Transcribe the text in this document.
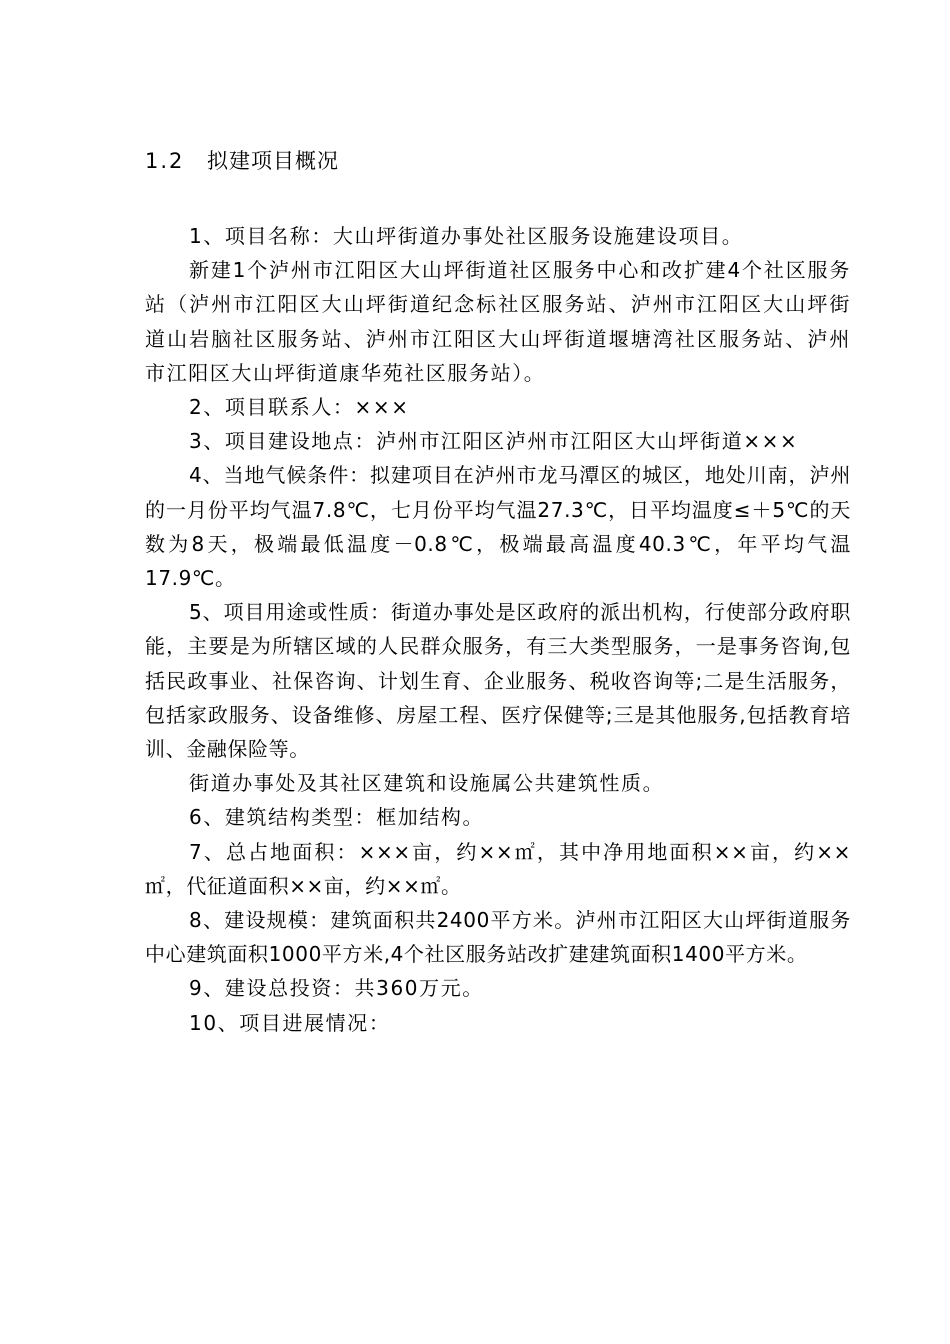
1.2 拟建项目概况

1、项目名称：大山坪街道办事处社区服务设施建设项目。

新建1个泸州市江阳区大山坪街道社区服务中心和改扩建4个社区服务站（泸州市江阳区大山坪街道纪念标社区服务站、泸州市江阳区大山坪街道山岩脑社区服务站、泸州市江阳区大山坪街道堰塘湾社区服务站、泸州市江阳区大山坪街道康华苑社区服务站）。

2、项目联系人：×××

3、项目建设地点：泸州市江阳区泸州市江阳区大山坪街道×××

4、当地气候条件：拟建项目在泸州市龙马潭区的城区，地处川南，泸州的一月份平均气温7.8℃，七月份平均气温27.3℃，日平均温度≤＋5℃的天数为8天，极端最低温度－0.8℃，极端最高温度40.3℃，年平均气温17.9℃。

5、项目用途或性质：街道办事处是区政府的派出机构，行使部分政府职能，主要是为所辖区域的人民群众服务，有三大类型服务，一是事务咨询,包括民政事业、社保咨询、计划生育、企业服务、税收咨询等;二是生活服务，包括家政服务、设备维修、房屋工程、医疗保健等;三是其他服务,包括教育培训、金融保险等。

街道办事处及其社区建筑和设施属公共建筑性质。

6、建筑结构类型：框加结构。

7、总占地面积：×××亩，约××㎡，其中净用地面积××亩，约××㎡，代征道面积××亩，约××㎡。

8、建设规模：建筑面积共2400平方米。泸州市江阳区大山坪街道服务中心建筑面积1000平方米,4个社区服务站改扩建建筑面积1400平方米。

9、建设总投资：共360万元。

10、项目进展情况：
